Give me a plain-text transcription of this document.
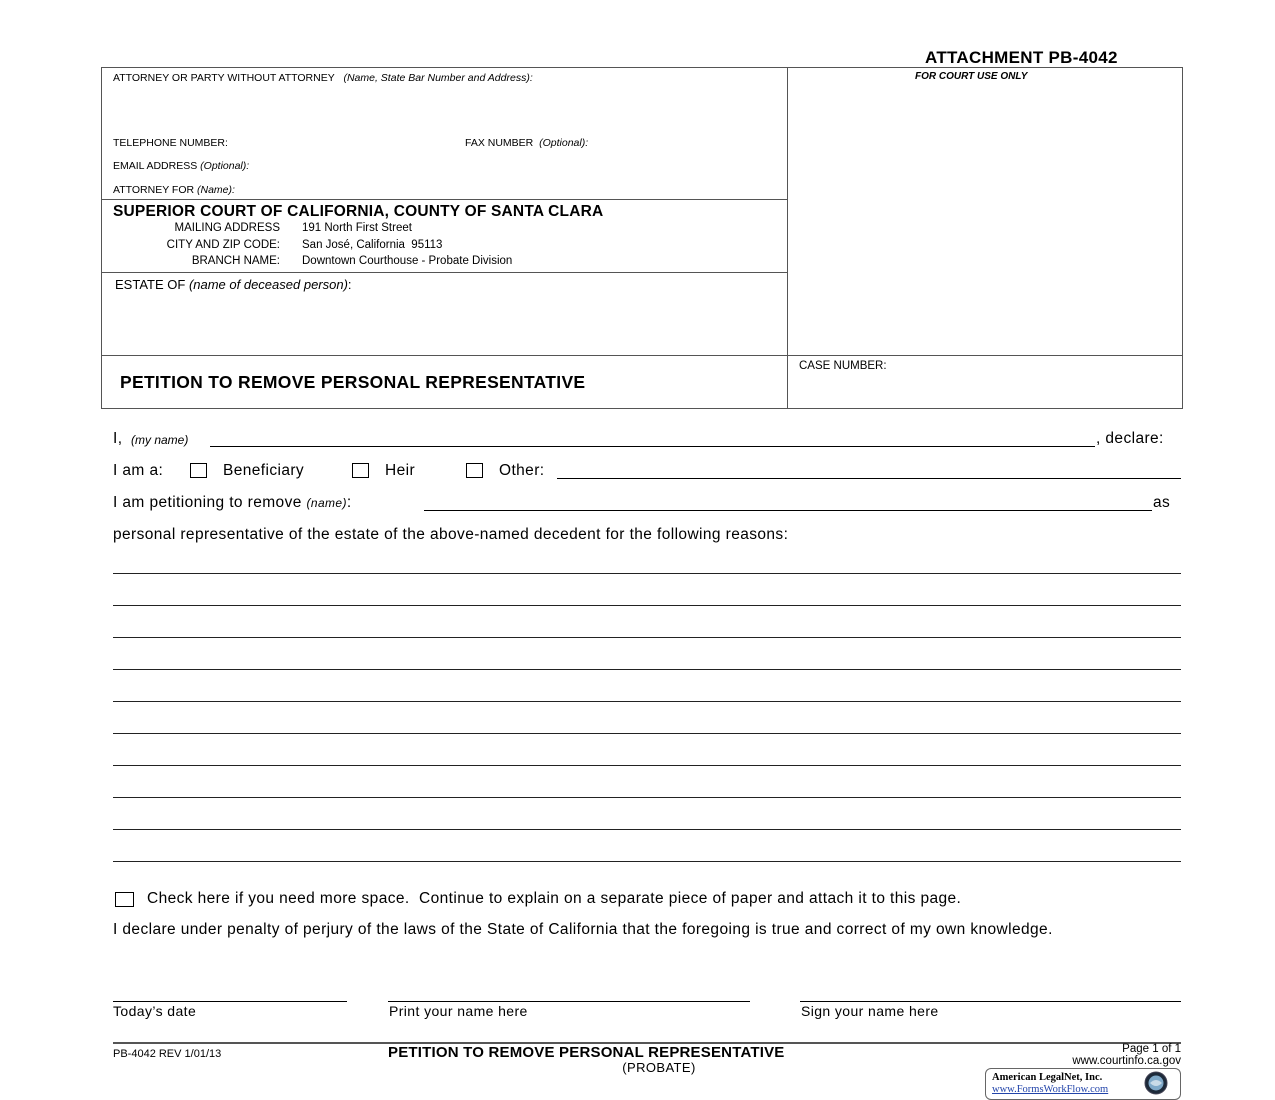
ATTACHMENT PB-4042
ATTORNEY OR PARTY WITHOUT ATTORNEY (Name, State Bar Number and Address):
TELEPHONE NUMBER:	FAX NUMBER (Optional):
EMAIL ADDRESS (Optional):
ATTORNEY FOR (Name):
FOR COURT USE ONLY
SUPERIOR COURT OF CALIFORNIA, COUNTY OF SANTA CLARA
MAILING ADDRESS 191 North First Street
CITY AND ZIP CODE: San José, California  95113
BRANCH NAME: Downtown Courthouse - Probate Division
ESTATE OF (name of deceased person):
PETITION TO REMOVE PERSONAL REPRESENTATIVE
CASE NUMBER:
I, (my name)	, declare:
I am a:	Beneficiary	Heir	Other:
I am petitioning to remove (name):	as
personal representative of the estate of the above-named decedent for the following reasons:
Check here if you need more space.  Continue to explain on a separate piece of paper and attach it to this page.
I declare under penalty of perjury of the laws of the State of California that the foregoing is true and correct of my own knowledge.
Today’s date	Print your name here	Sign your name here
PB-4042 REV 1/01/13	PETITION TO REMOVE PERSONAL REPRESENTATIVE
(PROBATE)
Page 1 of 1
www.courtinfo.ca.gov
American LegalNet, Inc.
www.FormsWorkFlow.com
